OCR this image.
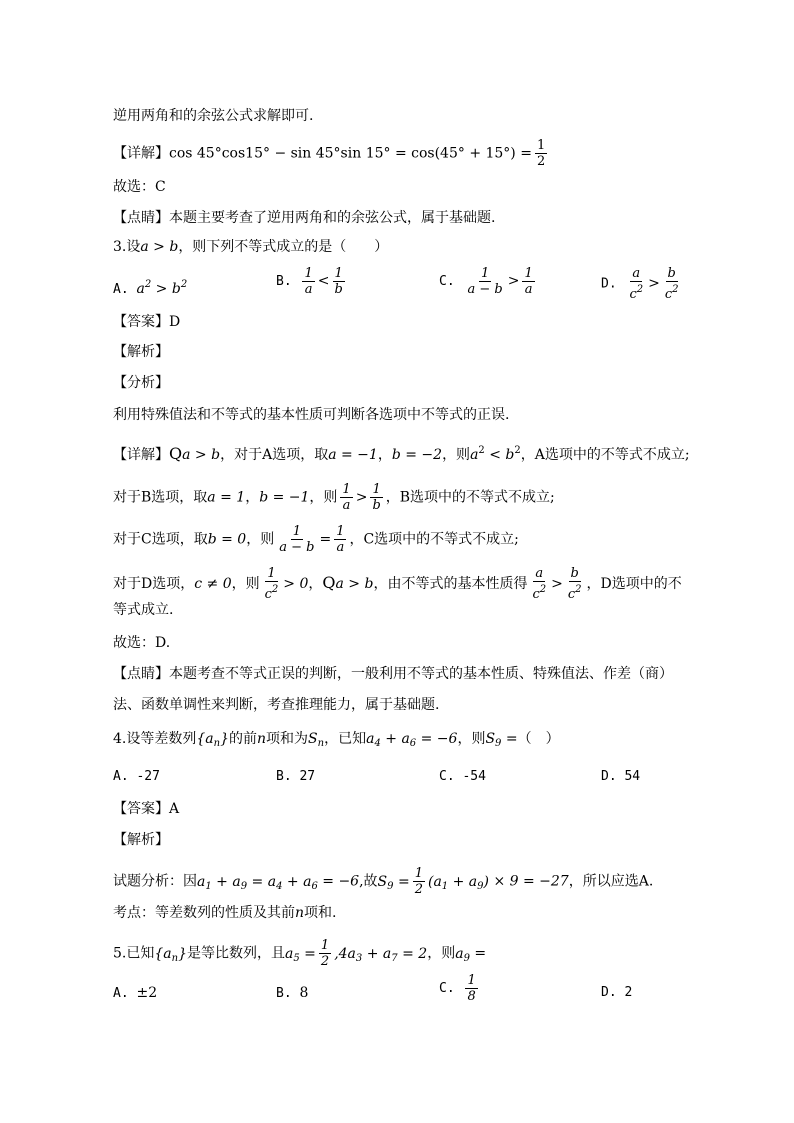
逆用两角和的余弦公式求解即可.
【详解】cos 45°cos15° − sin 45°sin $15^\circ = \cos(45^\circ + 15^\circ) = \frac{1}{2}$
故选：C
【点睛】本题主要考查了逆用两角和的余弦公式，属于基础题.
3.设a > b，则下列不等式成立的是（　　）
A. $a^2 > b^2$	B. $\frac{1}{a} < \frac{1}{b}$	C. $\frac{1}{a - b} > \frac{1}{a}$	D. $\frac{a}{c^2} > \frac{b}{c^2}$
【答案】D
【解析】
【分析】
利用特殊值法和不等式的基本性质可判断各选项中不等式的正误.
【详解】Qa > b，对于A选项，取a = −1，b = −2，则$a^2 < b^2$，A选项中的不等式不成立;
对于B选项，取a = 1，b = −1，则 $\frac{1}{a} > \frac{1}{b}$ ，B选项中的不等式不成立;
对于C选项，取b = 0，则 $\frac{1}{a - b} = \frac{1}{a}$ ，C选项中的不等式不成立;
对于D选项，c ≠ 0，则 $\frac{1}{c^2} > 0$，Qa > b，由不等式的基本性质得 $\frac{a}{c^2} > \frac{b}{c^2}$ ，D选项中的不
等式成立.
故选：D.
【点睛】本题考查不等式正误的判断，一般利用不等式的基本性质、特殊值法、作差（商）
法、函数单调性来判断，考查推理能力，属于基础题.
4.设等差数列$\{a_n\}$的前n项和为$S_n$，已知$a_4 + a_6 = -6$，则$S_9$ =（　）
A. -27	B. 27	C. -54	D. 54
【答案】A
【解析】
试题分析：因$a_1 + a_9 = a_4 + a_6 = -6$,故$S_9 = \frac{1}{2} (a_1 + a_9) \times 9 = -27$，所以应选A.
考点：等差数列的性质及其前n项和.
5.已知$\{a_n\}$是等比数列，且$a_5 = \frac{1}{2} ,4a_3 + a_7 = 2$，则$a_9$ =
A. ±2	B. 8	C. $\frac{1}{8}$	D. 2
